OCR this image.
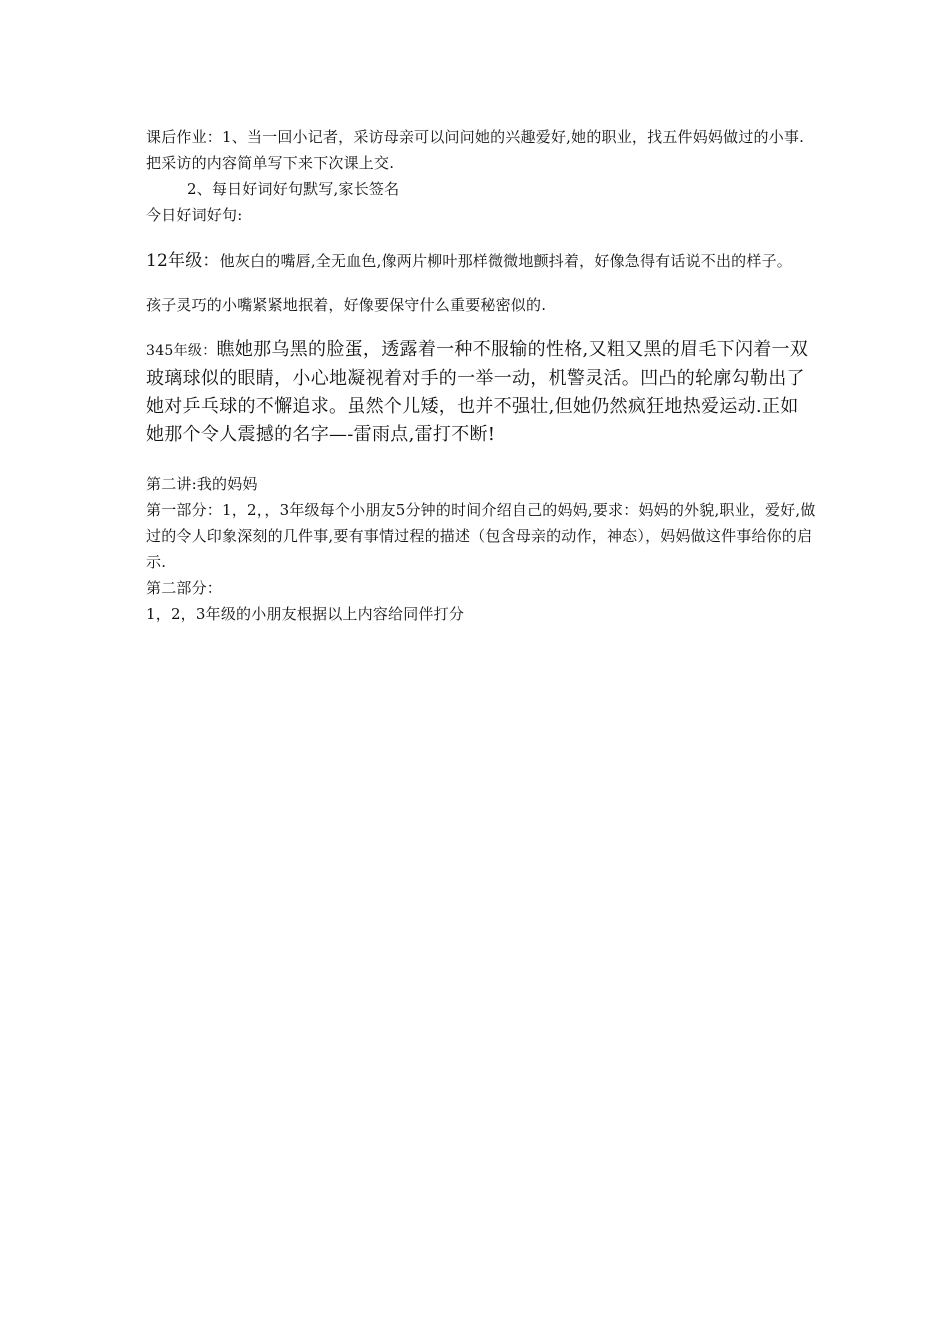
课后作业：1、当一回小记者，采访母亲可以问问她的兴趣爱好,她的职业，找五件妈妈做过的小事.把采访的内容简单写下来下次课上交.

2、每日好词好句默写,家长签名

今日好词好句:

12年级：他灰白的嘴唇,全无血色,像两片柳叶那样微微地颤抖着，好像急得有话说不出的样子。

孩子灵巧的小嘴紧紧地抿着，好像要保守什么重要秘密似的.

345年级：瞧她那乌黑的脸蛋，透露着一种不服输的性格,又粗又黑的眉毛下闪着一双玻璃球似的眼睛，小心地凝视着对手的一举一动，机警灵活。凹凸的轮廓勾勒出了她对乒乓球的不懈追求。虽然个儿矮，也并不强壮,但她仍然疯狂地热爱运动.正如她那个令人震撼的名字—-雷雨点,雷打不断!

第二讲:我的妈妈

第一部分：1，2，，3年级每个小朋友5分钟的时间介绍自己的妈妈,要求：妈妈的外貌,职业，爱好,做过的令人印象深刻的几件事,要有事情过程的描述（包含母亲的动作，神态），妈妈做这件事给你的启示.

第二部分：

1，2，3年级的小朋友根据以上内容给同伴打分
